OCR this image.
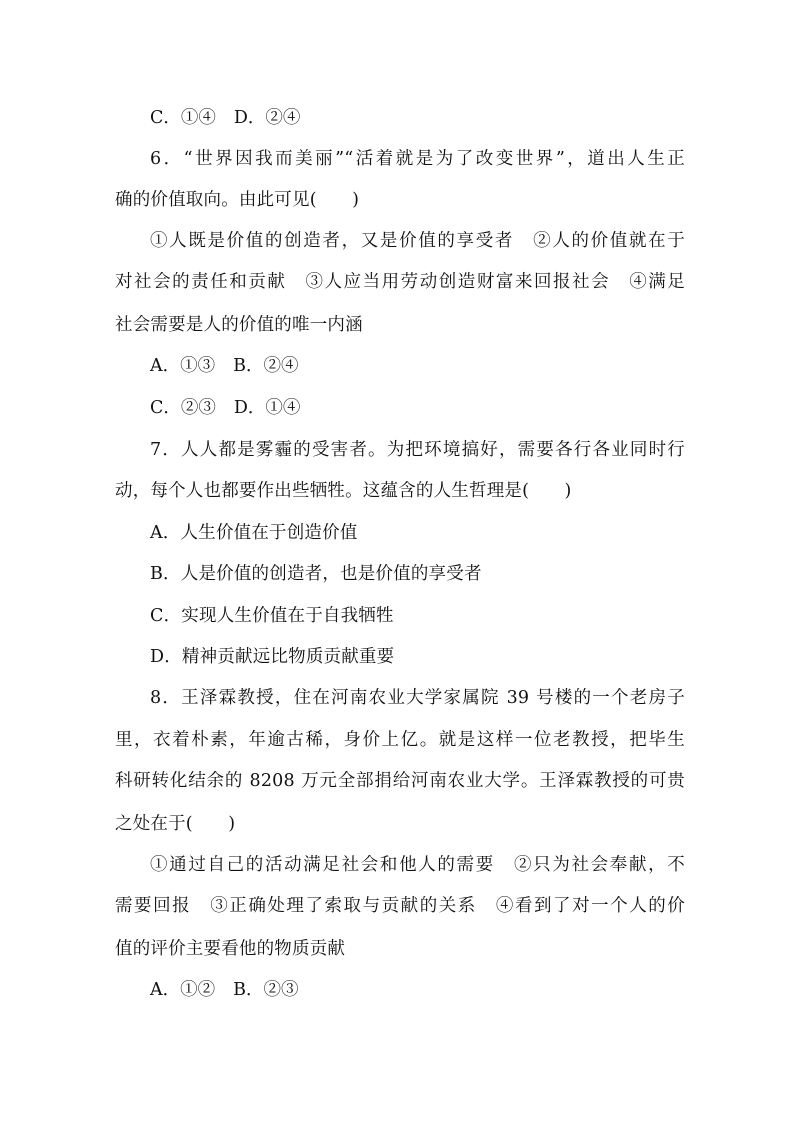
C．①④ D．②④
6．“世界因我而美丽”“活着就是为了改变世界”，道出人生正
确的价值取向。由此可见(　　)
①人既是价值的创造者，又是价值的享受者　②人的价值就在于
对社会的责任和贡献　③人应当用劳动创造财富来回报社会　④满足
社会需要是人的价值的唯一内涵
A．①③ B．②④
C．②③ D．①④
7．人人都是雾霾的受害者。为把环境搞好，需要各行各业同时行
动，每个人也都要作出些牺牲。这蕴含的人生哲理是(　　)
A．人生价值在于创造价值
B．人是价值的创造者，也是价值的享受者
C．实现人生价值在于自我牺牲
D．精神贡献远比物质贡献重要
8．王泽霖教授，住在河南农业大学家属院 39 号楼的一个老房子
里，衣着朴素，年逾古稀，身价上亿。就是这样一位老教授，把毕生
科研转化结余的 8208 万元全部捐给河南农业大学。王泽霖教授的可贵
之处在于(　　)
①通过自己的活动满足社会和他人的需要　②只为社会奉献，不
需要回报　③正确处理了索取与贡献的关系　④看到了对一个人的价
值的评价主要看他的物质贡献
A．①② B．②③
